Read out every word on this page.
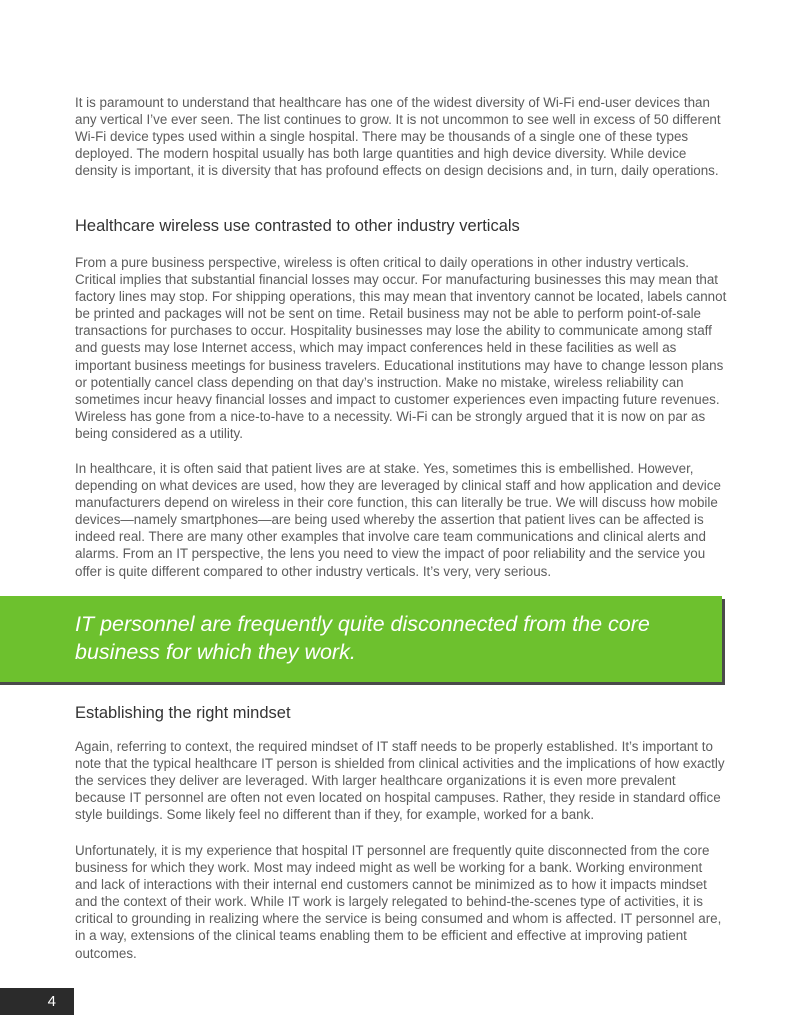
It is paramount to understand that healthcare has one of the widest diversity of Wi-Fi end-user devices than any vertical I’ve ever seen. The list continues to grow. It is not uncommon to see well in excess of 50 different Wi-Fi device types used within a single hospital. There may be thousands of a single one of these types deployed. The modern hospital usually has both large quantities and high device diversity. While device density is important, it is diversity that has profound effects on design decisions and, in turn, daily operations.

Healthcare wireless use contrasted to other industry verticals

From a pure business perspective, wireless is often critical to daily operations in other industry verticals. Critical implies that substantial financial losses may occur. For manufacturing businesses this may mean that factory lines may stop. For shipping operations, this may mean that inventory cannot be located, labels cannot be printed and packages will not be sent on time. Retail business may not be able to perform point-of-sale transactions for purchases to occur. Hospitality businesses may lose the ability to communicate among staff and guests may lose Internet access, which may impact conferences held in these facilities as well as important business meetings for business travelers. Educational institutions may have to change lesson plans or potentially cancel class depending on that day’s instruction. Make no mistake, wireless reliability can sometimes incur heavy financial losses and impact to customer experiences even impacting future revenues. Wireless has gone from a nice-to-have to a necessity. Wi-Fi can be strongly argued that it is now on par as being considered as a utility.

In healthcare, it is often said that patient lives are at stake. Yes, sometimes this is embellished. However, depending on what devices are used, how they are leveraged by clinical staff and how application and device manufacturers depend on wireless in their core function, this can literally be true. We will discuss how mobile devices—namely smartphones—are being used whereby the assertion that patient lives can be affected is indeed real. There are many other examples that involve care team communications and clinical alerts and alarms. From an IT perspective, the lens you need to view the impact of poor reliability and the service you offer is quite different compared to other industry verticals. It’s very, very serious.

IT personnel are frequently quite disconnected from the core business for which they work.

Establishing the right mindset

Again, referring to context, the required mindset of IT staff needs to be properly established. It’s important to note that the typical healthcare IT person is shielded from clinical activities and the implications of how exactly the services they deliver are leveraged. With larger healthcare organizations it is even more prevalent because IT personnel are often not even located on hospital campuses. Rather, they reside in standard office style buildings. Some likely feel no different than if they, for example, worked for a bank.

Unfortunately, it is my experience that hospital IT personnel are frequently quite disconnected from the core business for which they work. Most may indeed might as well be working for a bank. Working environment and lack of interactions with their internal end customers cannot be minimized as to how it impacts mindset and the context of their work. While IT work is largely relegated to behind-the-scenes type of activities, it is critical to grounding in realizing where the service is being consumed and whom is affected. IT personnel are, in a way, extensions of the clinical teams enabling them to be efficient and effective at improving patient outcomes.

4
